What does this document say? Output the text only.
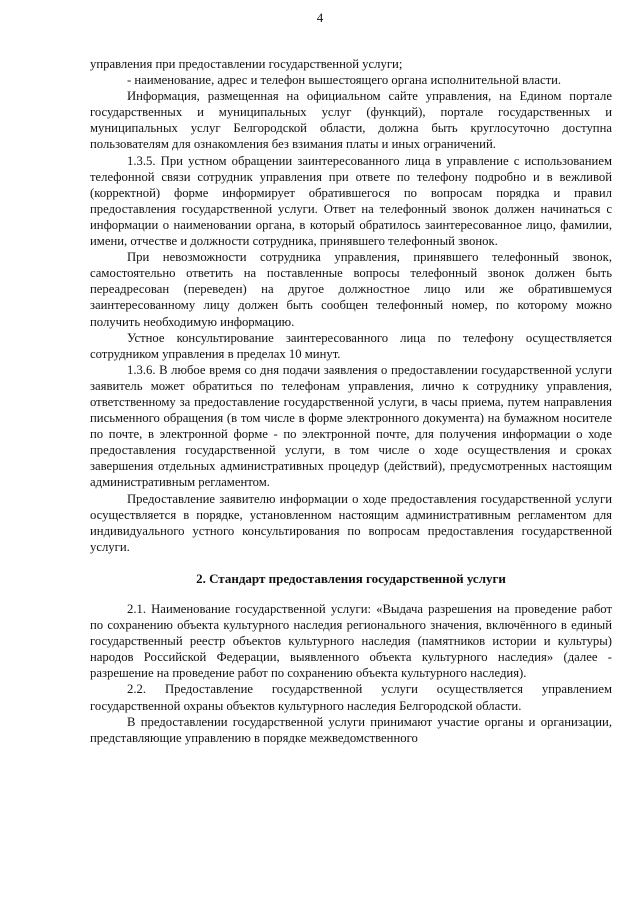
4

управления при предоставлении государственной услуги;

- наименование, адрес и телефон вышестоящего органа исполнительной власти.

Информация, размещенная на официальном сайте управления, на Едином портале государственных и муниципальных услуг (функций), портале государственных и муниципальных услуг Белгородской области, должна быть круглосуточно доступна пользователям для ознакомления без взимания платы и иных ограничений.

1.3.5. При устном обращении заинтересованного лица в управление с использованием телефонной связи сотрудник управления при ответе по телефону подробно и в вежливой (корректной) форме информирует обратившегося по вопросам порядка и правил предоставления государственной услуги. Ответ на телефонный звонок должен начинаться с информации о наименовании органа, в который обратилось заинтересованное лицо, фамилии, имени, отчестве и должности сотрудника, принявшего телефонный звонок.

При невозможности сотрудника управления, принявшего телефонный звонок, самостоятельно ответить на поставленные вопросы телефонный звонок должен быть переадресован (переведен) на другое должностное лицо или же обратившемуся заинтересованному лицу должен быть сообщен телефонный номер, по которому можно получить необходимую информацию.

Устное консультирование заинтересованного лица по телефону осуществляется сотрудником управления в пределах 10 минут.

1.3.6. В любое время со дня подачи заявления о предоставлении государственной услуги заявитель может обратиться по телефонам управления, лично к сотруднику управления, ответственному за предоставление государственной услуги, в часы приема, путем направления письменного обращения (в том числе в форме электронного документа) на бумажном носителе по почте, в электронной форме - по электронной почте, для получения информации о ходе предоставления государственной услуги, в том числе о ходе осуществления и сроках завершения отдельных административных процедур (действий), предусмотренных настоящим административным регламентом.

Предоставление заявителю информации о ходе предоставления государственной услуги осуществляется в порядке, установленном настоящим административным регламентом для индивидуального устного консультирования по вопросам предоставления государственной услуги.

2. Стандарт предоставления государственной услуги

2.1. Наименование государственной услуги: «Выдача разрешения на проведение работ по сохранению объекта культурного наследия регионального значения, включённого в единый государственный реестр объектов культурного наследия (памятников истории и культуры) народов Российской Федерации, выявленного объекта культурного наследия» (далее - разрешение на проведение работ по сохранению объекта культурного наследия).

2.2. Предоставление государственной услуги осуществляется управлением государственной охраны объектов культурного наследия Белгородской области.

В предоставлении государственной услуги принимают участие органы и организации, представляющие управлению в порядке межведомственного
